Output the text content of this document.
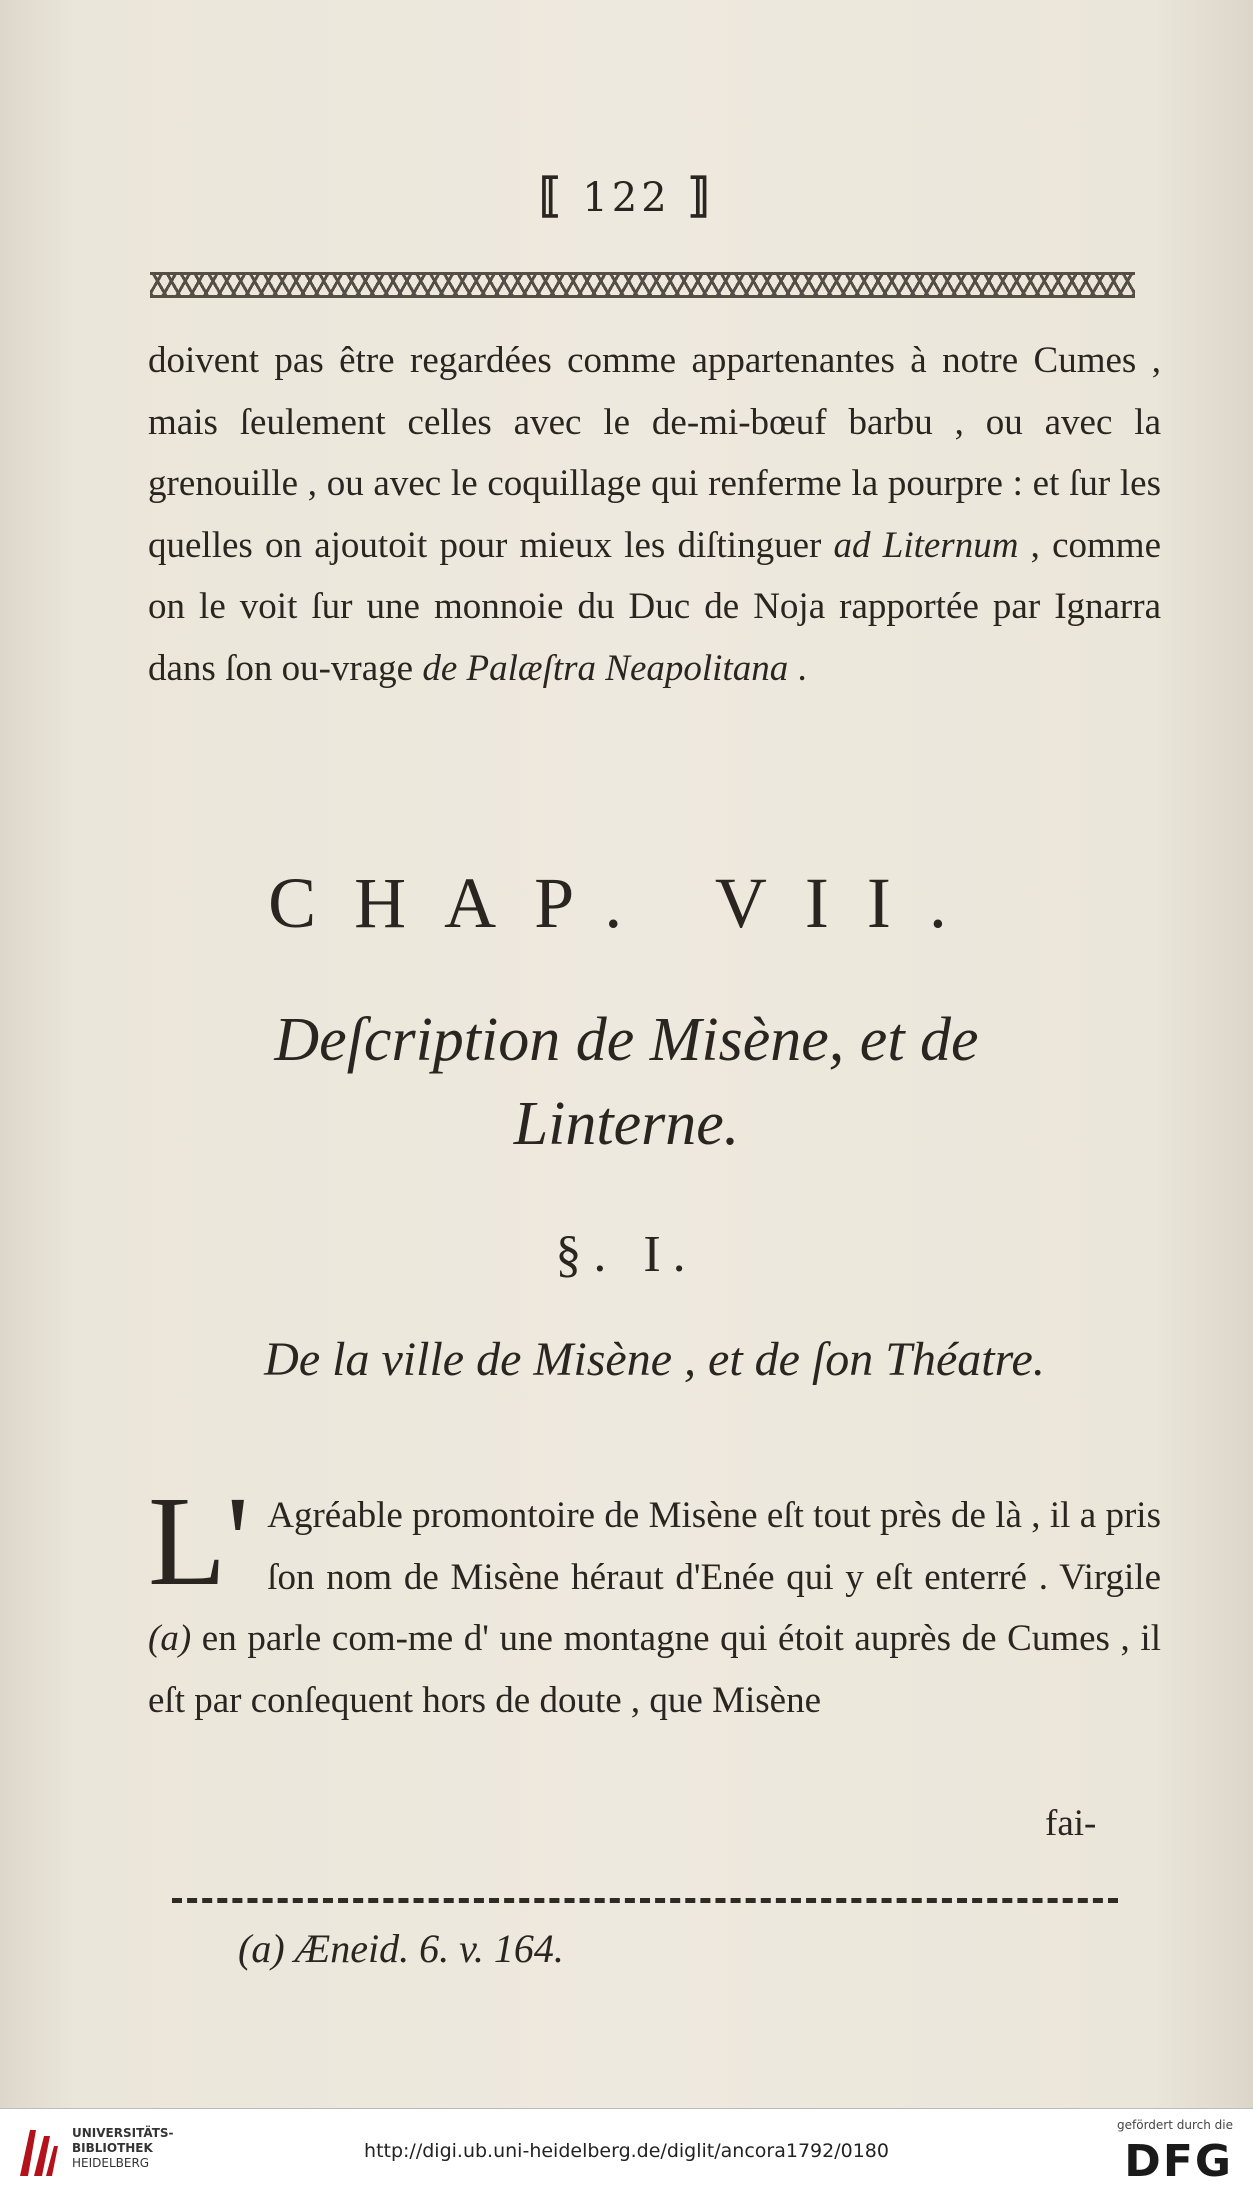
⟦ 122 ⟧
doivent pas être regardées comme appartenantes à notre Cumes , mais ſeulement celles avec le de-mi-bœuf barbu , ou avec la grenouille , ou avec le coquillage qui renferme la pourpre : et ſur les quelles on ajoutoit pour mieux les diſtinguer ad Liternum , comme on le voit ſur une monnoie du Duc de Noja rapportée par Ignarra dans ſon ou-vrage de Palæſtra Neapolitana .
CHAP. VII.
Deſcription de Misène, et de
Linterne.
§. I.
De la ville de Misène , et de ſon Théatre.
L' Agréable promontoire de Misène eſt tout près de là , il a pris ſon nom de Misène héraut d'Enée qui y eſt enterré . Virgile (a) en parle com-me d' une montagne qui étoit auprès de Cumes , il eſt par conſequent hors de doute , que Misène
fai-
(a) Æneid. 6. v. 164.
UNIVERSITÄTS-
BIBLIOTHEK
HEIDELBERG
http://digi.ub.uni-heidelberg.de/diglit/ancora1792/0180
gefördert durch die
DFG
